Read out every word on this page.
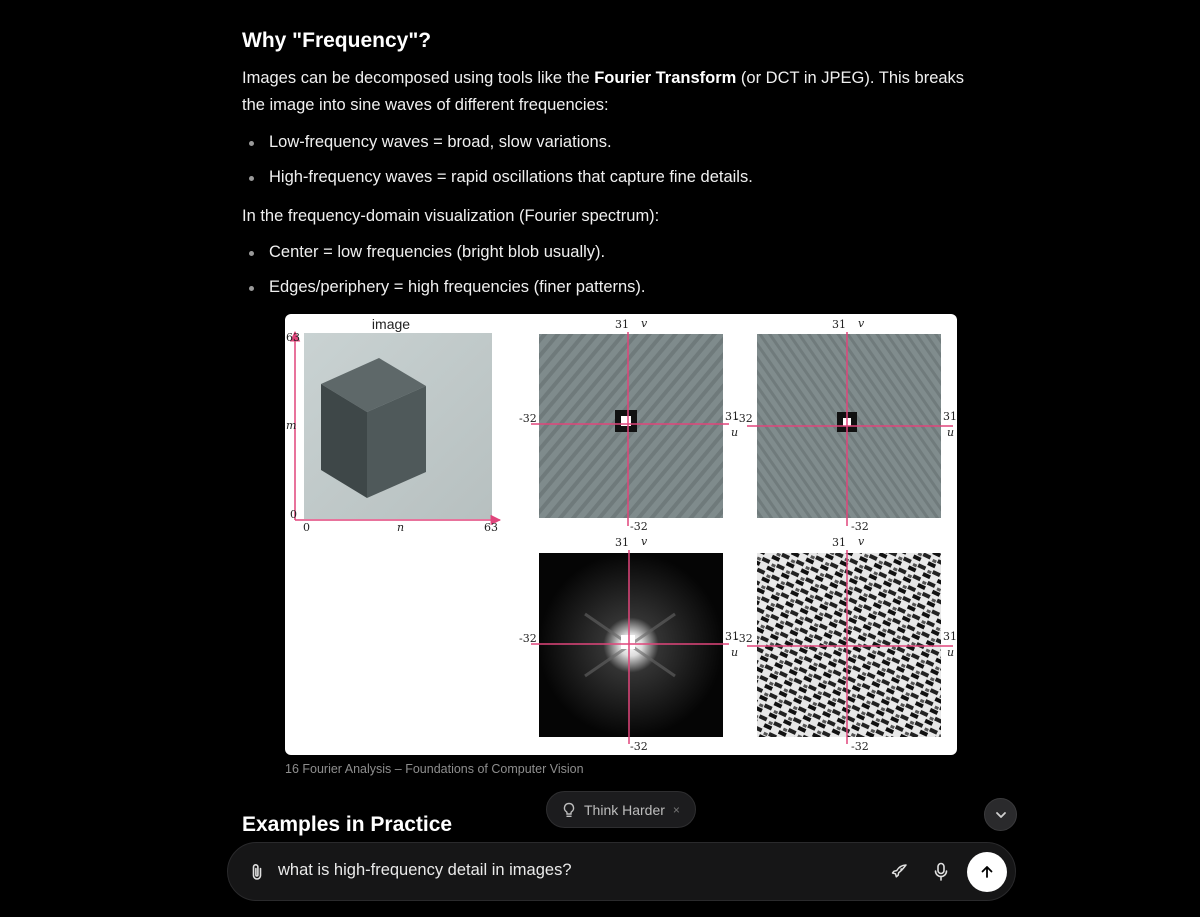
Why "Frequency"?
Images can be decomposed using tools like the Fourier Transform (or DCT in JPEG). This breaks the image into sine waves of different frequencies:
Low-frequency waves = broad, slow variations.
High-frequency waves = rapid oscillations that capture fine details.
In the frequency-domain visualization (Fourier spectrum):
Center = low frequencies (bright blob usually).
Edges/periphery = high frequencies (finer patterns).
image
63
0
m
0	n	63
31 v
-32	31
u
-32
31 v
-32	31
u
-32
31 v
-32	31
u
-32
31 v
-32	31
u
-32
16 Fourier Analysis – Foundations of Computer Vision
Examples in Practice
Think Harder ×
what is high-frequency detail in images?
